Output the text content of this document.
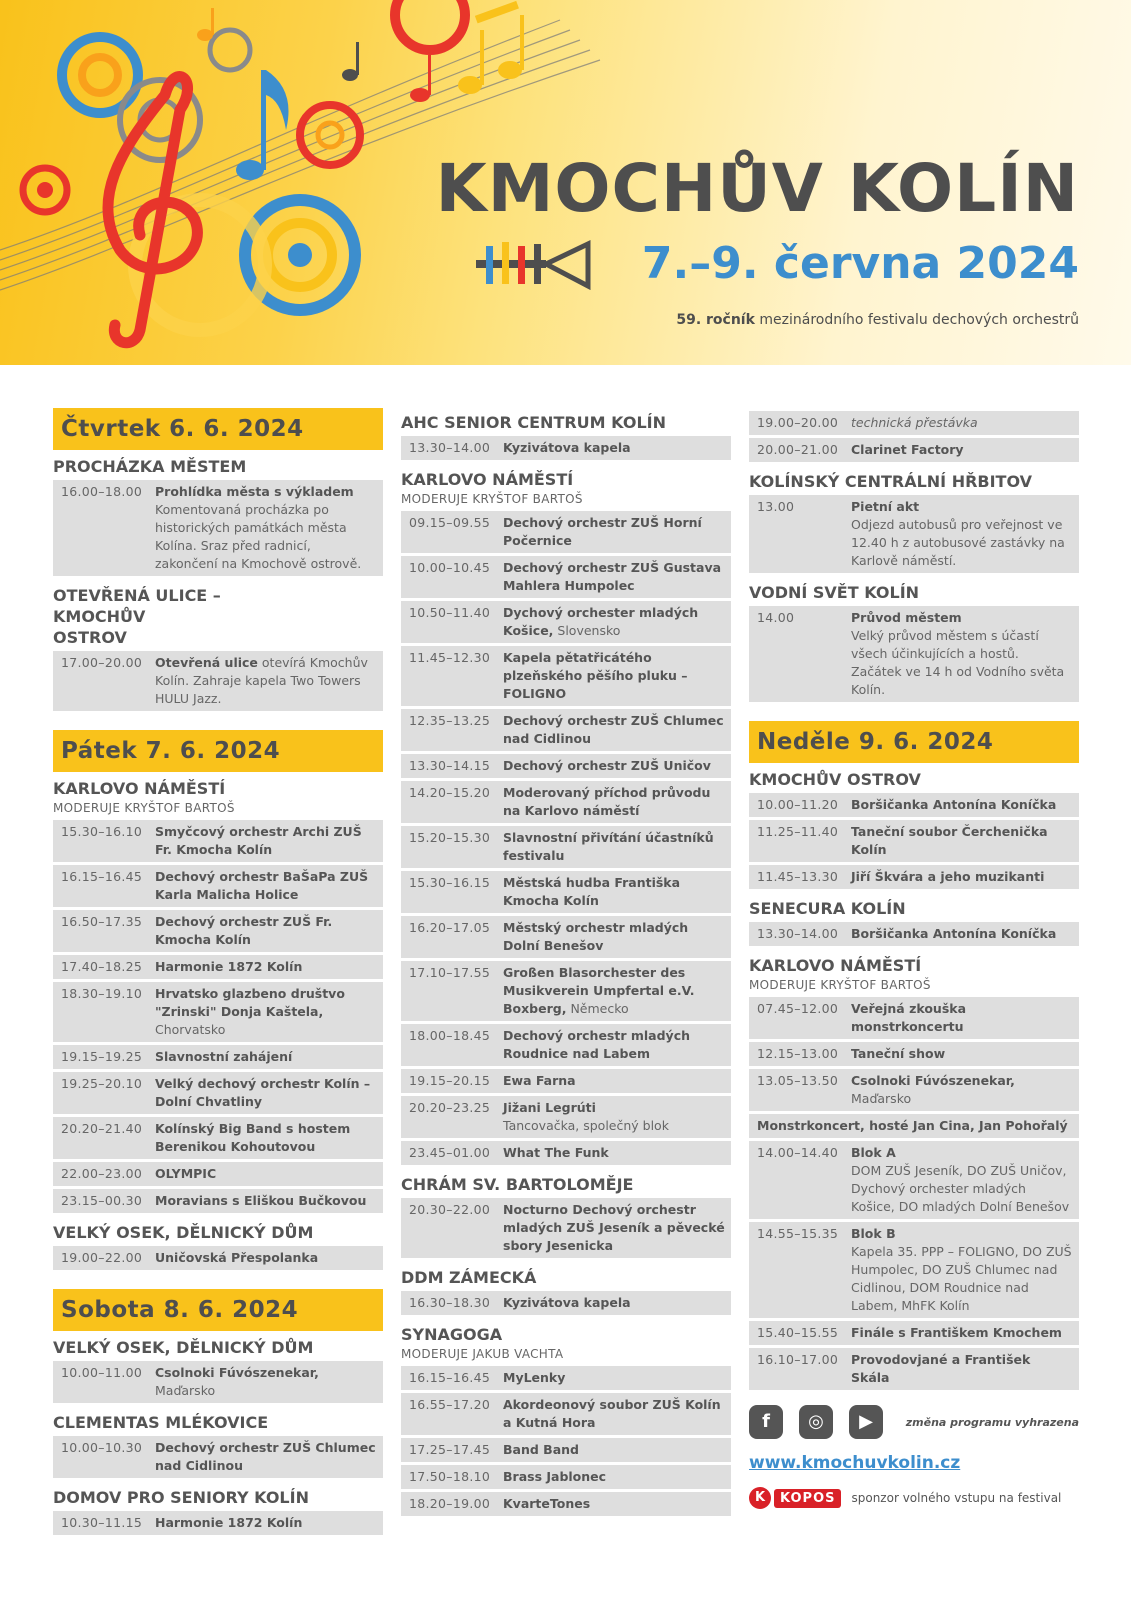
KMOCHŮV KOLÍN
7.–9. června 2024
59. ročník mezinárodního festivalu dechových orchestrů
Čtvrtek 6. 6. 2024
PROCHÁZKA MĚSTEM
16.00–18.00	Prohlídka města s výkladem
Komentovaná procházka po historických památkách města Kolína. Sraz před radnicí, zakončení na Kmochově ostrově.
OTEVŘENÁ ULICE – KMOCHŮV OSTROV
17.00–20.00	Otevřená ulice otevírá Kmochův Kolín. Zahraje kapela Two Towers HULU Jazz.
Pátek 7. 6. 2024
KARLOVO NÁMĚSTÍ
MODERUJE KRYŠTOF BARTOŠ
15.30–16.10	Smyčcový orchestr Archi ZUŠ Fr. Kmocha Kolín
16.15–16.45	Dechový orchestr BaŠaPa ZUŠ Karla Malicha Holice
16.50–17.35	Dechový orchestr ZUŠ Fr. Kmocha Kolín
17.40–18.25	Harmonie 1872 Kolín
18.30–19.10	Hrvatsko glazbeno društvo "Zrinski" Donja Kaštela, Chorvatsko
19.15–19.25	Slavnostní zahájení
19.25–20.10	Velký dechový orchestr Kolín – Dolní Chvatliny
20.20–21.40	Kolínský Big Band s hostem Berenikou Kohoutovou
22.00–23.00	OLYMPIC
23.15–00.30	Moravians s Eliškou Bučkovou
VELKÝ OSEK, DĚLNICKÝ DŮM
19.00–22.00	Uničovská Přespolanka
Sobota 8. 6. 2024
VELKÝ OSEK, DĚLNICKÝ DŮM
10.00–11.00	Csolnoki Fúvószenekar, Maďarsko
CLEMENTAS MLÉKOVICE
10.00–10.30	Dechový orchestr ZUŠ Chlumec nad Cidlinou
DOMOV PRO SENIORY KOLÍN
10.30–11.15	Harmonie 1872 Kolín
AHC SENIOR CENTRUM KOLÍN
13.30–14.00	Kyzivátova kapela
KARLOVO NÁMĚSTÍ
MODERUJE KRYŠTOF BARTOŠ
09.15–09.55	Dechový orchestr ZUŠ Horní Počernice
10.00–10.45	Dechový orchestr ZUŠ Gustava Mahlera Humpolec
10.50–11.40	Dychový orchester mladých Košice, Slovensko
11.45–12.30	Kapela pětatřicátého plzeňského pěšího pluku – FOLIGNO
12.35–13.25	Dechový orchestr ZUŠ Chlumec nad Cidlinou
13.30–14.15	Dechový orchestr ZUŠ Uničov
14.20–15.20	Moderovaný příchod průvodu na Karlovo náměstí
15.20–15.30	Slavnostní přivítání účastníků festivalu
15.30–16.15	Městská hudba Františka Kmocha Kolín
16.20–17.05	Městský orchestr mladých Dolní Benešov
17.10–17.55	Großen Blasorchester des Musikverein Umpfertal e.V. Boxberg, Německo
18.00–18.45	Dechový orchestr mladých Roudnice nad Labem
19.15–20.15	Ewa Farna
20.20–23.25	Jižani Legrúti
Tancovačka, společný blok
23.45–01.00	What The Funk
CHRÁM SV. BARTOLOMĚJE
20.30–22.00	Nocturno Dechový orchestr mladých ZUŠ Jeseník a pěvecké sbory Jesenicka
DDM ZÁMECKÁ
16.30–18.30	Kyzivátova kapela
SYNAGOGA
MODERUJE JAKUB VACHTA
16.15–16.45	MyLenky
16.55–17.20	Akordeonový soubor ZUŠ Kolín a Kutná Hora
17.25–17.45	Band Band
17.50–18.10	Brass Jablonec
18.20–19.00	KvarteTones
19.00–20.00	technická přestávka
20.00–21.00	Clarinet Factory
KOLÍNSKÝ CENTRÁLNÍ HŘBITOV
13.00	Pietní akt
Odjezd autobusů pro veřejnost ve 12.40 h z autobusové zastávky na Karlově náměstí.
VODNÍ SVĚT KOLÍN
14.00	Průvod městem
Velký průvod městem s účastí všech účinkujících a hostů. Začátek ve 14 h od Vodního světa Kolín.
Neděle 9. 6. 2024
KMOCHŮV OSTROV
10.00–11.20	Boršičanka Antonína Koníčka
11.25–11.40	Taneční soubor Čerchenička Kolín
11.45–13.30	Jiří Škvára a jeho muzikanti
SENECURA KOLÍN
13.30–14.00	Boršičanka Antonína Koníčka
KARLOVO NÁMĚSTÍ
MODERUJE KRYŠTOF BARTOŠ
07.45–12.00	Veřejná zkouška monstrkoncertu
12.15–13.00	Taneční show
13.05–13.50	Csolnoki Fúvószenekar, Maďarsko
Monstrkoncert, hosté Jan Cina, Jan Pohořalý
14.00–14.40	Blok A
DOM ZUŠ Jeseník, DO ZUŠ Uničov, Dychový orchester mladých Košice, DO mladých Dolní Benešov
14.55–15.35	Blok B
Kapela 35. PPP – FOLIGNO, DO ZUŠ Humpolec, DO ZUŠ Chlumec nad Cidlinou, DOM Roudnice nad Labem, MhFK Kolín
15.40–15.55	Finále s Františkem Kmochem
16.10–17.00	Provodovjané a František Skála
f	◎	▶	změna programu vyhrazena
www.kmochuvkolin.cz
K	KOPOS	sponzor volného vstupu na festival
